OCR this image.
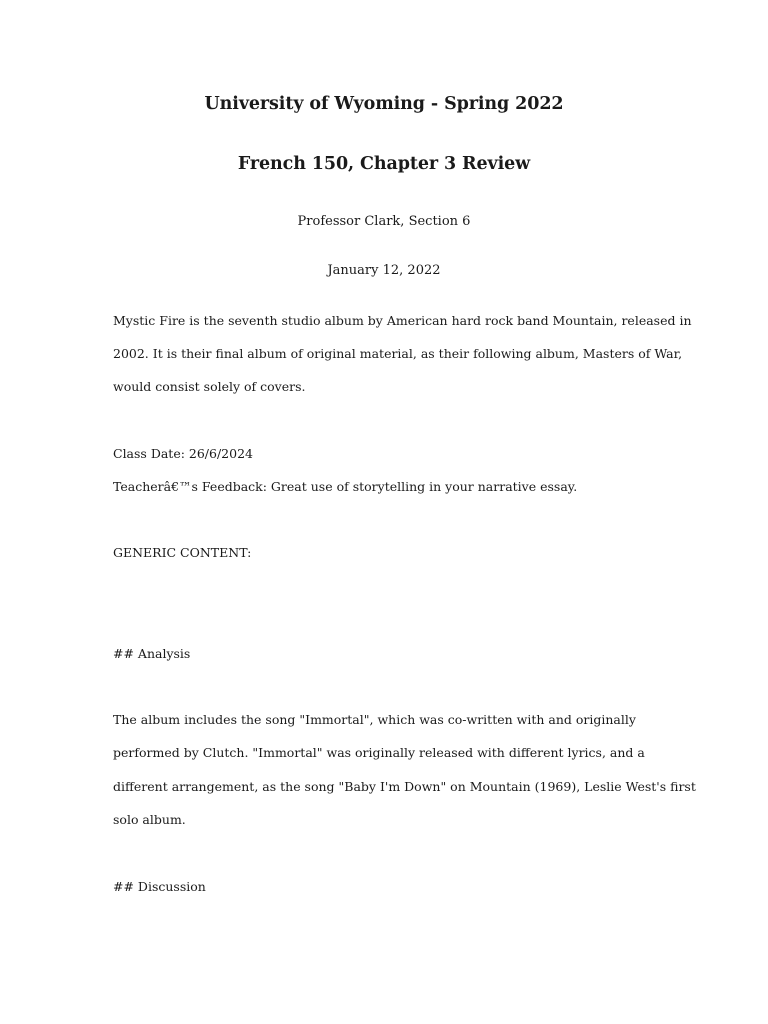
University of Wyoming - Spring 2022
French 150, Chapter 3 Review
Professor Clark, Section 6
January 12, 2022
Mystic Fire is the seventh studio album by American hard rock band Mountain, released in
2002. It is their final album of original material, as their following album, Masters of War,
would consist solely of covers.
Class Date: 26/6/2024
Teacherâ€™s Feedback: Great use of storytelling in your narrative essay.
GENERIC CONTENT:
## Analysis
The album includes the song "Immortal", which was co-written with and originally
performed by Clutch. "Immortal" was originally released with different lyrics, and a
different arrangement, as the song "Baby I'm Down" on Mountain (1969), Leslie West's first
solo album.
## Discussion
